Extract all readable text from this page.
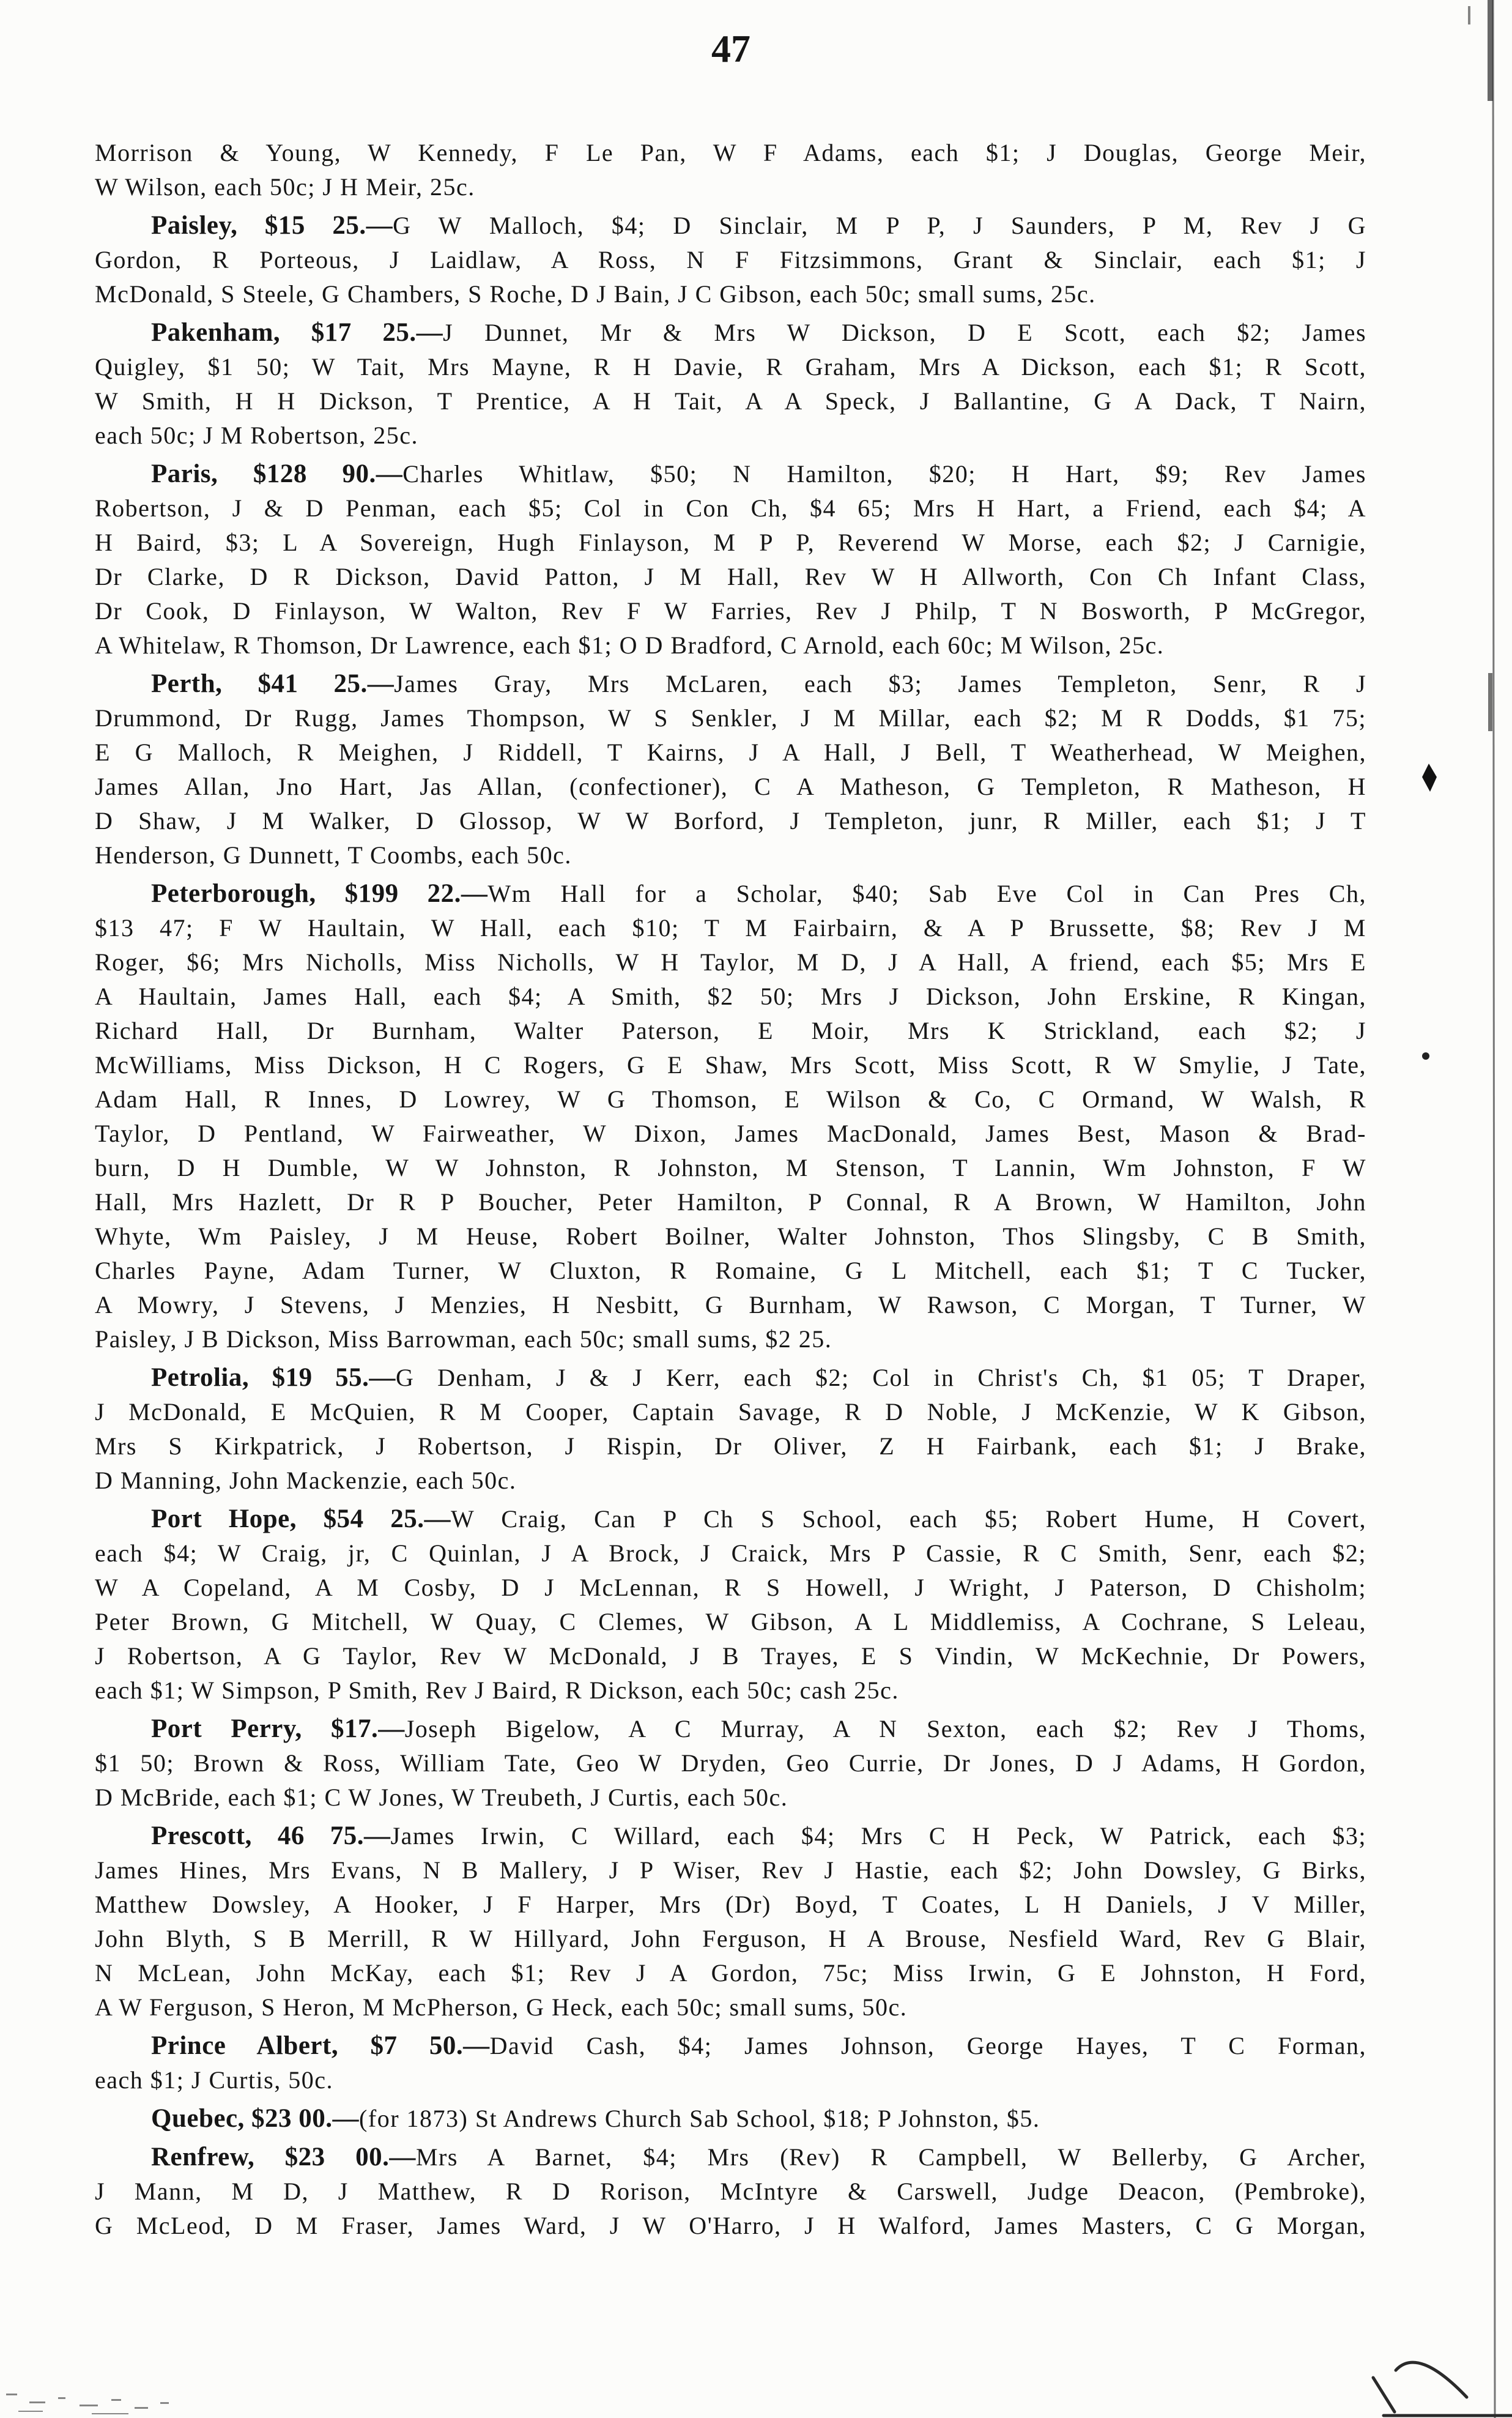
47
Morrison & Young, W Kennedy, F Le Pan, W F Adams, each $1; J Douglas, George Meir,
W Wilson, each 50c; J H Meir, 25c.
Paisley, $15 25.—G W Malloch, $4; D Sinclair, M P P, J Saunders, P M, Rev J G
Gordon, R Porteous, J Laidlaw, A Ross, N F Fitzsimmons, Grant & Sinclair, each $1; J
McDonald, S Steele, G Chambers, S Roche, D J Bain, J C Gibson, each 50c; small sums, 25c.
Pakenham, $17 25.—J Dunnet, Mr & Mrs W Dickson, D E Scott, each $2; James
Quigley, $1 50; W Tait, Mrs Mayne, R H Davie, R Graham, Mrs A Dickson, each $1; R Scott,
W Smith, H H Dickson, T Prentice, A H Tait, A A Speck, J Ballantine, G A Dack, T Nairn,
each 50c; J M Robertson, 25c.
Paris, $128 90.—Charles Whitlaw, $50; N Hamilton, $20; H Hart, $9; Rev James
Robertson, J & D Penman, each $5; Col in Con Ch, $4 65; Mrs H Hart, a Friend, each $4; A
H Baird, $3; L A Sovereign, Hugh Finlayson, M P P, Reverend W Morse, each $2; J Carnigie,
Dr Clarke, D R Dickson, David Patton, J M Hall, Rev W H Allworth, Con Ch Infant Class,
Dr Cook, D Finlayson, W Walton, Rev F W Farries, Rev J Philp, T N Bosworth, P McGregor,
A Whitelaw, R Thomson, Dr Lawrence, each $1; O D Bradford, C Arnold, each 60c; M Wilson, 25c.
Perth, $41 25.—James Gray, Mrs McLaren, each $3; James Templeton, Senr, R J
Drummond, Dr Rugg, James Thompson, W S Senkler, J M Millar, each $2; M R Dodds, $1 75;
E G Malloch, R Meighen, J Riddell, T Kairns, J A Hall, J Bell, T Weatherhead, W Meighen,
James Allan, Jno Hart, Jas Allan, (confectioner), C A Matheson, G Templeton, R Matheson, H
D Shaw, J M Walker, D Glossop, W W Borford, J Templeton, junr, R Miller, each $1; J T
Henderson, G Dunnett, T Coombs, each 50c.
Peterborough, $199 22.—Wm Hall for a Scholar, $40; Sab Eve Col in Can Pres Ch,
$13 47; F W Haultain, W Hall, each $10; T M Fairbairn, & A P Brussette, $8; Rev J M
Roger, $6; Mrs Nicholls, Miss Nicholls, W H Taylor, M D, J A Hall, A friend, each $5; Mrs E
A Haultain, James Hall, each $4; A Smith, $2 50; Mrs J Dickson, John Erskine, R Kingan,
Richard Hall, Dr Burnham, Walter Paterson, E Moir, Mrs K Strickland, each $2; J
McWilliams, Miss Dickson, H C Rogers, G E Shaw, Mrs Scott, Miss Scott, R W Smylie, J Tate,
Adam Hall, R Innes, D Lowrey, W G Thomson, E Wilson & Co, C Ormand, W Walsh, R
Taylor, D Pentland, W Fairweather, W Dixon, James MacDonald, James Best, Mason & Brad-
burn, D H Dumble, W W Johnston, R Johnston, M Stenson, T Lannin, Wm Johnston, F W
Hall, Mrs Hazlett, Dr R P Boucher, Peter Hamilton, P Connal, R A Brown, W Hamilton, John
Whyte, Wm Paisley, J M Heuse, Robert Boilner, Walter Johnston, Thos Slingsby, C B Smith,
Charles Payne, Adam Turner, W Cluxton, R Romaine, G L Mitchell, each $1; T C Tucker,
A Mowry, J Stevens, J Menzies, H Nesbitt, G Burnham, W Rawson, C Morgan, T Turner, W
Paisley, J B Dickson, Miss Barrowman, each 50c; small sums, $2 25.
Petrolia, $19 55.—G Denham, J & J Kerr, each $2; Col in Christ's Ch, $1 05; T Draper,
J McDonald, E McQuien, R M Cooper, Captain Savage, R D Noble, J McKenzie, W K Gibson,
Mrs S Kirkpatrick, J Robertson, J Rispin, Dr Oliver, Z H Fairbank, each $1; J Brake,
D Manning, John Mackenzie, each 50c.
Port Hope, $54 25.—W Craig, Can P Ch S School, each $5; Robert Hume, H Covert,
each $4; W Craig, jr, C Quinlan, J A Brock, J Craick, Mrs P Cassie, R C Smith, Senr, each $2;
W A Copeland, A M Cosby, D J McLennan, R S Howell, J Wright, J Paterson, D Chisholm;
Peter Brown, G Mitchell, W Quay, C Clemes, W Gibson, A L Middlemiss, A Cochrane, S Leleau,
J Robertson, A G Taylor, Rev W McDonald, J B Trayes, E S Vindin, W McKechnie, Dr Powers,
each $1; W Simpson, P Smith, Rev J Baird, R Dickson, each 50c; cash 25c.
Port Perry, $17.—Joseph Bigelow, A C Murray, A N Sexton, each $2; Rev J Thoms,
$1 50; Brown & Ross, William Tate, Geo W Dryden, Geo Currie, Dr Jones, D J Adams, H Gordon,
D McBride, each $1; C W Jones, W Treubeth, J Curtis, each 50c.
Prescott, 46 75.—James Irwin, C Willard, each $4; Mrs C H Peck, W Patrick, each $3;
James Hines, Mrs Evans, N B Mallery, J P Wiser, Rev J Hastie, each $2; John Dowsley, G Birks,
Matthew Dowsley, A Hooker, J F Harper, Mrs (Dr) Boyd, T Coates, L H Daniels, J V Miller,
John Blyth, S B Merrill, R W Hillyard, John Ferguson, H A Brouse, Nesfield Ward, Rev G Blair,
N McLean, John McKay, each $1; Rev J A Gordon, 75c; Miss Irwin, G E Johnston, H Ford,
A W Ferguson, S Heron, M McPherson, G Heck, each 50c; small sums, 50c.
Prince Albert, $7 50.—David Cash, $4; James Johnson, George Hayes, T C Forman,
each $1; J Curtis, 50c.
Quebec, $23 00.—(for 1873) St Andrews Church Sab School, $18; P Johnston, $5.
Renfrew, $23 00.—Mrs A Barnet, $4; Mrs (Rev) R Campbell, W Bellerby, G Archer,
J Mann, M D, J Matthew, R D Rorison, McIntyre & Carswell, Judge Deacon, (Pembroke),
G McLeod, D M Fraser, James Ward, J W O'Harro, J H Walford, James Masters, C G Morgan,
